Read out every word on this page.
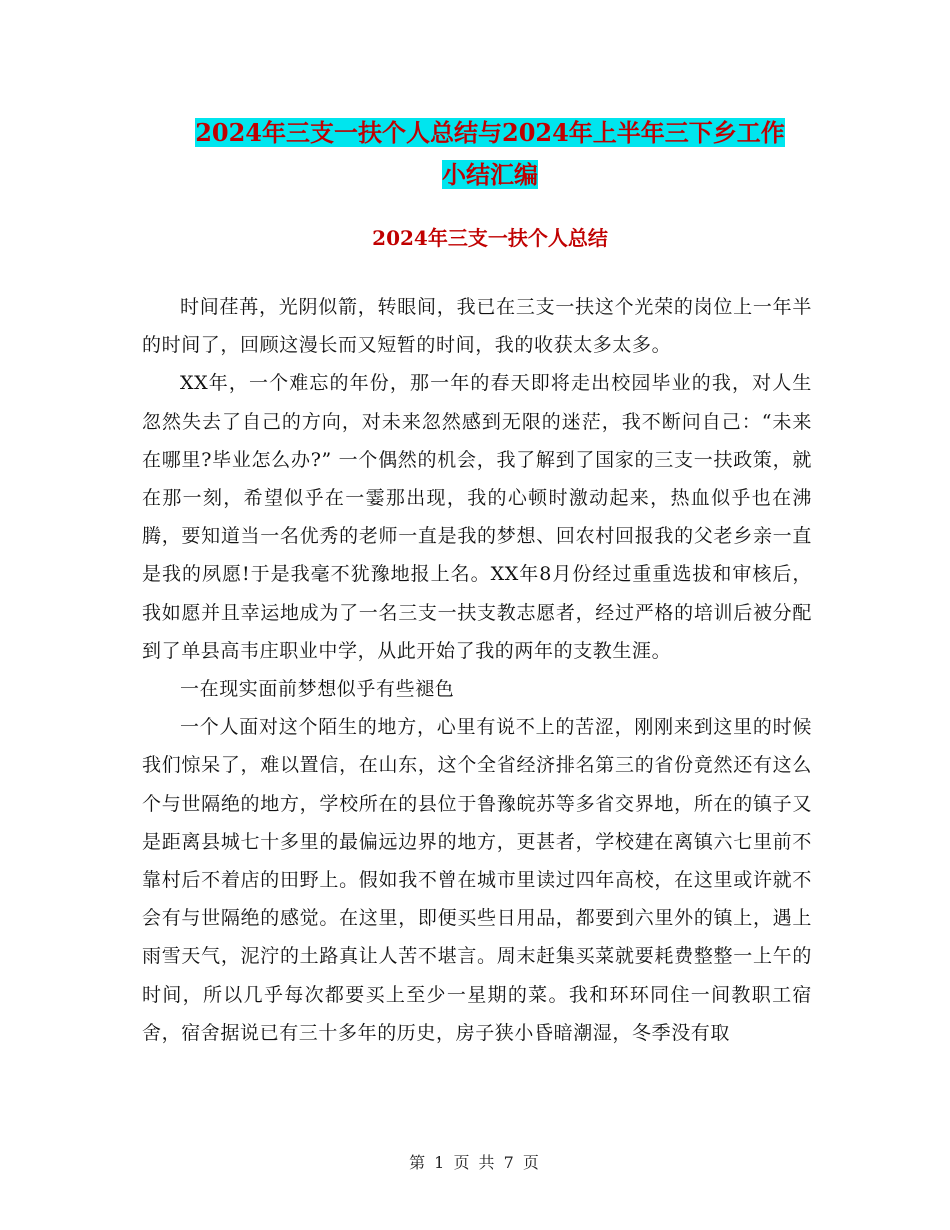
2024年三支一扶个人总结与2024年上半年三下乡工作
小结汇编
2024年三支一扶个人总结

时间荏苒，光阴似箭，转眼间，我已在三支一扶这个光荣的岗位上一年半的时间了，回顾这漫长而又短暂的时间，我的收获太多太多。

XX年，一个难忘的年份，那一年的春天即将走出校园毕业的我，对人生忽然失去了自己的方向，对未来忽然感到无限的迷茫，我不断问自己：“未来在哪里?毕业怎么办?” 一个偶然的机会，我了解到了国家的三支一扶政策，就在那一刻，希望似乎在一霎那出现，我的心顿时激动起来，热血似乎也在沸腾，要知道当一名优秀的老师一直是我的梦想、回农村回报我的父老乡亲一直是我的夙愿!于是我毫不犹豫地报上名。XX年8月份经过重重选拔和审核后，我如愿并且幸运地成为了一名三支一扶支教志愿者，经过严格的培训后被分配到了单县高韦庄职业中学，从此开始了我的两年的支教生涯。

一在现实面前梦想似乎有些褪色

一个人面对这个陌生的地方，心里有说不上的苦涩，刚刚来到这里的时候我们惊呆了，难以置信，在山东，这个全省经济排名第三的省份竟然还有这么个与世隔绝的地方，学校所在的县位于鲁豫皖苏等多省交界地，所在的镇子又是距离县城七十多里的最偏远边界的地方，更甚者，学校建在离镇六七里前不靠村后不着店的田野上。假如我不曾在城市里读过四年高校，在这里或许就不会有与世隔绝的感觉。在这里，即便买些日用品，都要到六里外的镇上，遇上雨雪天气，泥泞的土路真让人苦不堪言。周末赶集买菜就要耗费整整一上午的时间，所以几乎每次都要买上至少一星期的菜。我和环环同住一间教职工宿舍，宿舍据说已有三十多年的历史，房子狭小昏暗潮湿，冬季没有取

第 1 页 共 7 页
